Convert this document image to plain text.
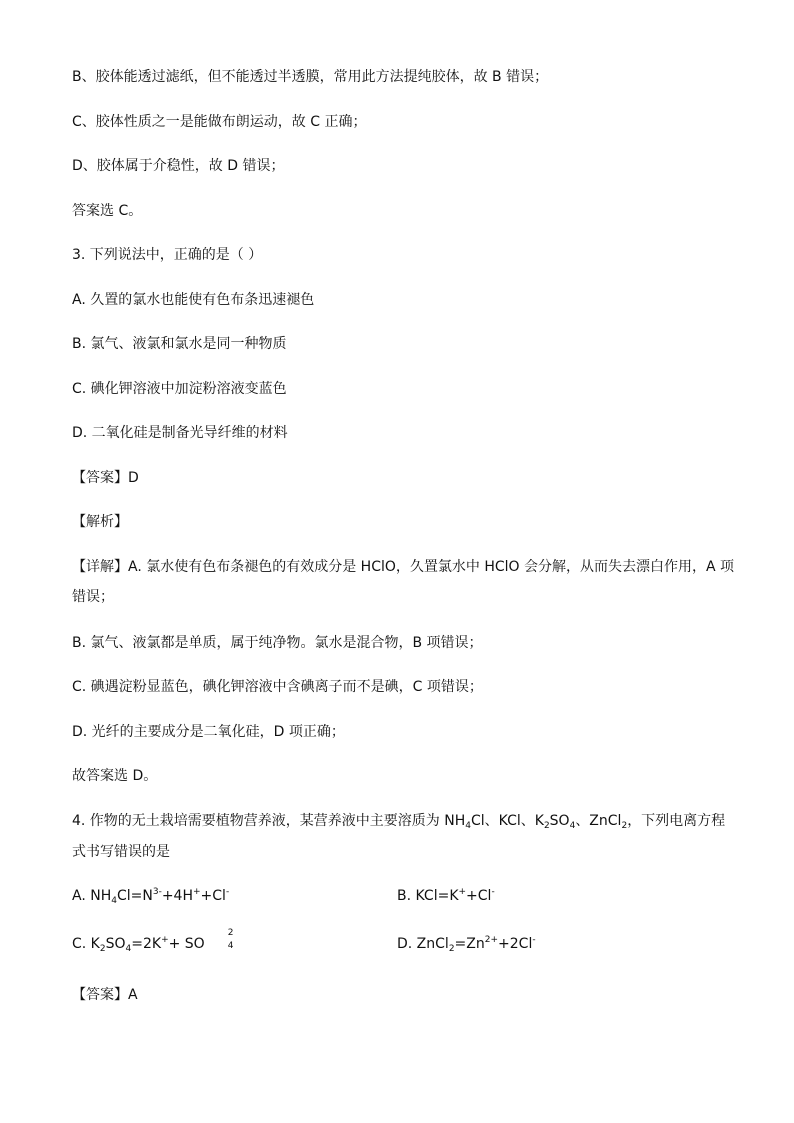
B、胶体能透过滤纸，但不能透过半透膜，常用此方法提纯胶体，故 B 错误；
C、胶体性质之一是能做布朗运动，故 C 正确；
D、胶体属于介稳性，故 D 错误；
答案选 C。
3. 下列说法中，正确的是（ ）
A. 久置的氯水也能使有色布条迅速褪色
B. 氯气、液氯和氯水是同一种物质
C. 碘化钾溶液中加淀粉溶液变蓝色
D. 二氧化硅是制备光导纤维的材料
【答案】D
【解析】
【详解】A. 氯水使有色布条褪色的有效成分是 HClO，久置氯水中 HClO 会分解，从而失去漂白作用，A 项
错误；
B. 氯气、液氯都是单质，属于纯净物。氯水是混合物，B 项错误；
C. 碘遇淀粉显蓝色，碘化钾溶液中含碘离子而不是碘，C 项错误；
D. 光纤的主要成分是二氧化硅，D 项正确；
故答案选 D。
4. 作物的无土栽培需要植物营养液，某营养液中主要溶质为 $NH_4Cl$、KCl、$K_2SO_4$、ZnCl$_2$，下列电离方程
式书写错误的是
A. $NH_4Cl=N^{3-}+4H^++Cl^-$	B. KCl=K++Cl-
C. $K_2SO_4=2K^++$ SO
2
4	D. $ZnCl_2=Zn^{2+}+2Cl^-$
【答案】A
